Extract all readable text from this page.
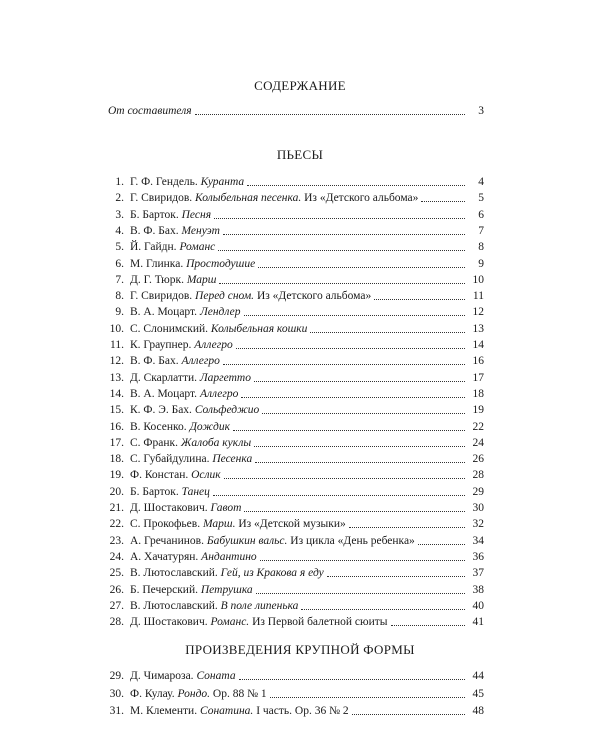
СОДЕРЖАНИЕ
От составителя	3
ПЬЕСЫ
1. Г. Ф. Гендель. Куранта	4
2. Г. Свиридов. Колыбельная песенка. Из «Детского альбома»	5
3. Б. Барток. Песня	6
4. В. Ф. Бах. Менуэт	7
5. Й. Гайдн. Романс	8
6. М. Глинка. Простодушие	9
7. Д. Г. Тюрк. Марш	10
8. Г. Свиридов. Перед сном. Из «Детского альбома»	11
9. В. А. Моцарт. Лендлер	12
10. С. Слонимский. Колыбельная кошки	13
11. К. Граупнер. Аллегро	14
12. В. Ф. Бах. Аллегро	16
13. Д. Скарлатти. Ларгетто	17
14. В. А. Моцарт. Аллегро	18
15. К. Ф. Э. Бах. Сольфеджио	19
16. В. Косенко. Дождик	22
17. С. Франк. Жалоба куклы	24
18. С. Губайдулина. Песенка	26
19. Ф. Констан. Ослик	28
20. Б. Барток. Танец	29
21. Д. Шостакович. Гавот	30
22. С. Прокофьев. Марш. Из «Детской музыки»	32
23. А. Гречанинов. Бабушкин вальс. Из цикла «День ребенка»	34
24. А. Хачатурян. Андантино	36
25. В. Лютославский. Гей, из Кракова я еду	37
26. Б. Печерский. Петрушка	38
27. В. Лютославский. В поле липенька	40
28. Д. Шостакович. Романс. Из Первой балетной сюиты	41
ПРОИЗВЕДЕНИЯ КРУПНОЙ ФОРМЫ
29. Д. Чимароза. Соната	44
30. Ф. Кулау. Рондо. Ор. 88 № 1	45
31. М. Клементи. Сонатина. I часть. Ор. 36 № 2	48
